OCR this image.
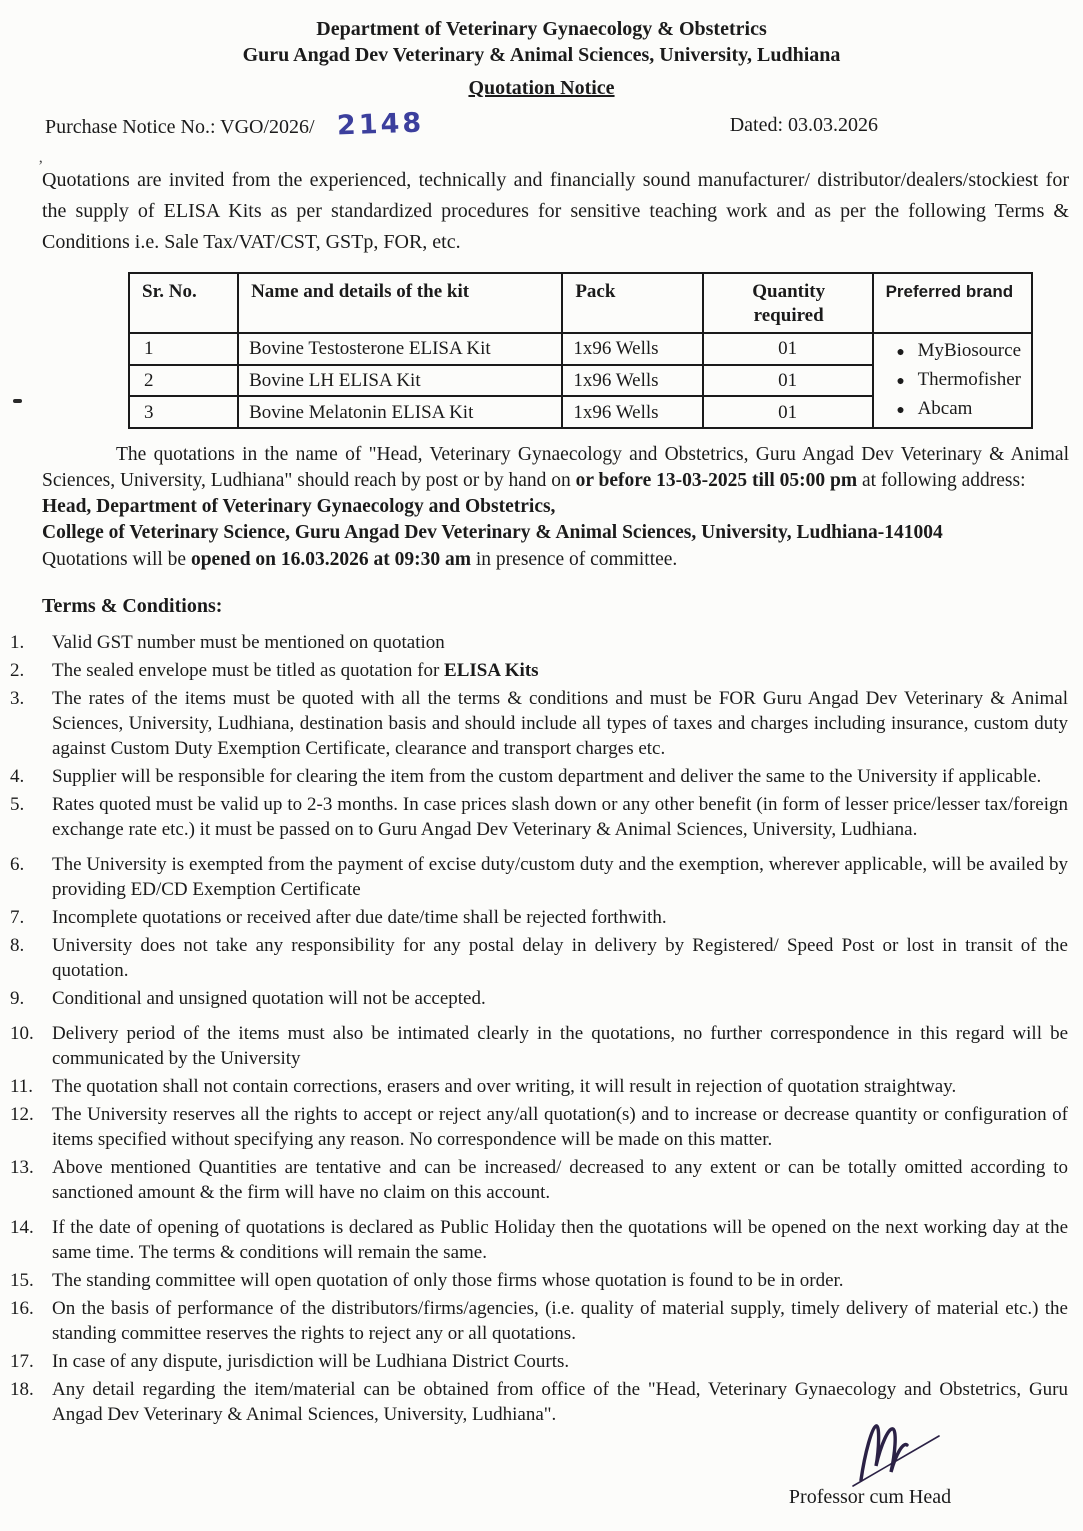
Department of Veterinary Gynaecology & Obstetrics
Guru Angad Dev Veterinary & Animal Sciences, University, Ludhiana
Quotation Notice
Purchase Notice No.: VGO/2026/ 2148	Dated: 03.03.2026
’

Quotations are invited from the experienced, technically and financially sound manufacturer/ distributor/dealers/stockiest for the supply of ELISA Kits as per standardized procedures for sensitive teaching work and as per the following Terms & Conditions i.e. Sale Tax/VAT/CST, GSTp, FOR, etc.

Sr. No.	Name and details of the kit	Pack	Quantity required	Preferred brand
1	Bovine Testosterone ELISA Kit	1x96 Wells	01	● MyBiosource
● Thermofisher
● Abcam

2	Bovine LH ELISA Kit	1x96 Wells	01	
3	Bovine Melatonin ELISA Kit	1x96 Wells	01	

The quotations in the name of "Head, Veterinary Gynaecology and Obstetrics, Guru Angad Dev Veterinary & Animal Sciences, University, Ludhiana" should reach by post or by hand on or before 13-03-2025 till 05:00 pm at following address:

Head, Department of Veterinary Gynaecology and Obstetrics,
College of Veterinary Science, Guru Angad Dev Veterinary & Animal Sciences, University, Ludhiana-141004
Quotations will be opened on 16.03.2026 at 09:30 am in presence of committee.
Terms & Conditions:
1.	Valid GST number must be mentioned on quotation
2.	The sealed envelope must be titled as quotation for ELISA Kits
3.	The rates of the items must be quoted with all the terms & conditions and must be FOR Guru Angad Dev Veterinary & Animal Sciences, University, Ludhiana, destination basis and should include all types of taxes and charges including insurance, custom duty against Custom Duty Exemption Certificate, clearance and transport charges etc.
4.	Supplier will be responsible for clearing the item from the custom department and deliver the same to the University if applicable.
5.	Rates quoted must be valid up to 2-3 months. In case prices slash down or any other benefit (in form of lesser price/lesser tax/foreign exchange rate etc.) it must be passed on to Guru Angad Dev Veterinary & Animal Sciences, University, Ludhiana.
6.	The University is exempted from the payment of excise duty/custom duty and the exemption, wherever applicable, will be availed by providing ED/CD Exemption Certificate
7.	Incomplete quotations or received after due date/time shall be rejected forthwith.
8.	University does not take any responsibility for any postal delay in delivery by Registered/ Speed Post or lost in transit of the quotation.
9.	Conditional and unsigned quotation will not be accepted.
10. Delivery period of the items must also be intimated clearly in the quotations, no further correspondence in this regard will be communicated by the University
11. The quotation shall not contain corrections, erasers and over writing, it will result in rejection of quotation straightway.
12. The University reserves all the rights to accept or reject any/all quotation(s) and to increase or decrease quantity or configuration of items specified without specifying any reason. No correspondence will be made on this matter.
13. Above mentioned Quantities are tentative and can be increased/ decreased to any extent or can be totally omitted according to sanctioned amount & the firm will have no claim on this account.
14. If the date of opening of quotations is declared as Public Holiday then the quotations will be opened on the next working day at the same time. The terms & conditions will remain the same.
15. The standing committee will open quotation of only those firms whose quotation is found to be in order.
16. On the basis of performance of the distributors/firms/agencies, (i.e. quality of material supply, timely delivery of material etc.) the standing committee reserves the rights to reject any or all quotations.
17. In case of any dispute, jurisdiction will be Ludhiana District Courts.
18. Any detail regarding the item/material can be obtained from office of the "Head, Veterinary Gynaecology and Obstetrics, Guru Angad Dev Veterinary & Animal Sciences, University, Ludhiana".
Professor cum Head
